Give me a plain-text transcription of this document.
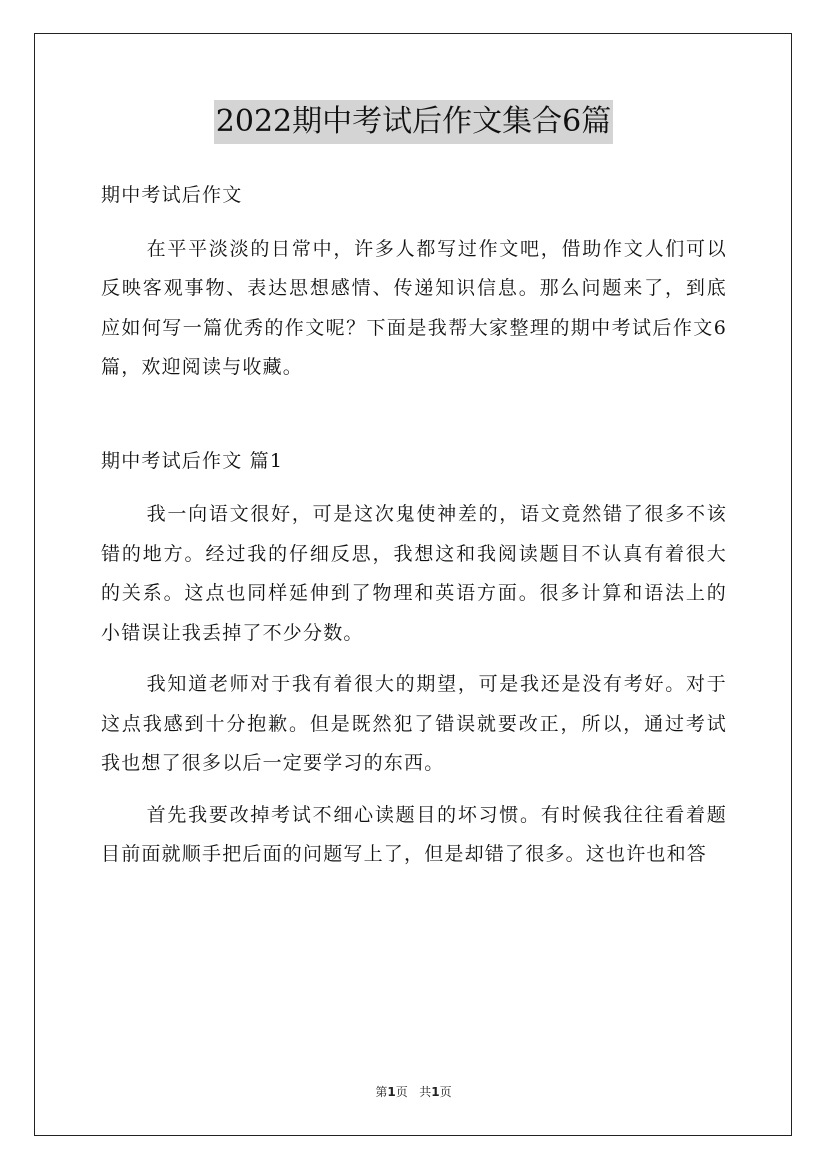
2022期中考试后作文集合6篇

期中考试后作文

在平平淡淡的日常中，许多人都写过作文吧，借助作文人们可以反映客观事物、表达思想感情、传递知识信息。那么问题来了，到底应如何写一篇优秀的作文呢？下面是我帮大家整理的期中考试后作文6篇，欢迎阅读与收藏。

期中考试后作文 篇1

我一向语文很好，可是这次鬼使神差的，语文竟然错了很多不该错的地方。经过我的仔细反思，我想这和我阅读题目不认真有着很大的关系。这点也同样延伸到了物理和英语方面。很多计算和语法上的小错误让我丢掉了不少分数。

我知道老师对于我有着很大的期望，可是我还是没有考好。对于这点我感到十分抱歉。但是既然犯了错误就要改正，所以，通过考试我也想了很多以后一定要学习的东西。

首先我要改掉考试不细心读题目的坏习惯。有时候我往往看着题目前面就顺手把后面的问题写上了，但是却错了很多。这也许也和答

第1页 共1页
